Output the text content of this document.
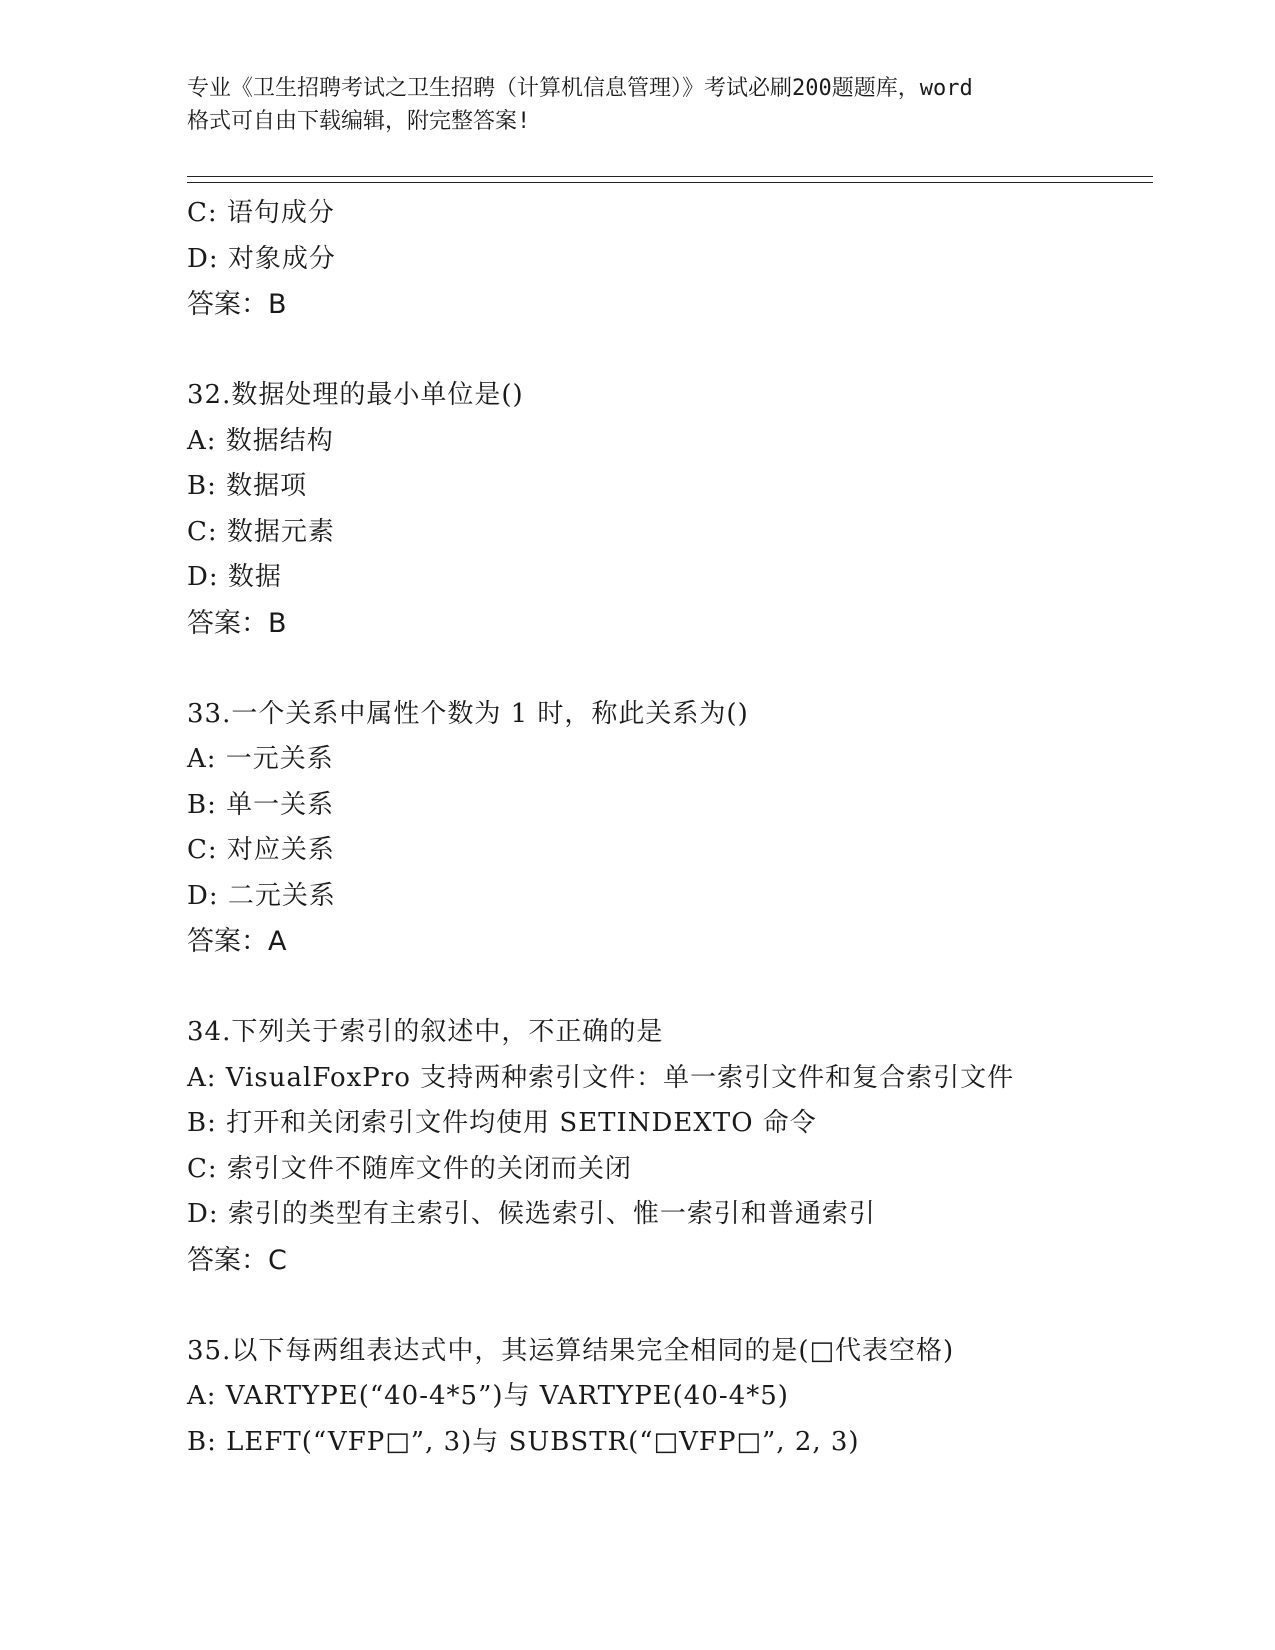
专业《卫生招聘考试之卫生招聘（计算机信息管理）》考试必刷200题题库，word
格式可自由下载编辑，附完整答案!
C: 语句成分
D: 对象成分
答案：B
32.数据处理的最小单位是()
A: 数据结构
B: 数据项
C: 数据元素
D: 数据
答案：B
33.一个关系中属性个数为 1 时，称此关系为()
A: 一元关系
B: 单一关系
C: 对应关系
D: 二元关系
答案：A
34.下列关于索引的叙述中，不正确的是
A: VisualFoxPro 支持两种索引文件：单一索引文件和复合索引文件
B: 打开和关闭索引文件均使用 SETINDEXTO 命令
C: 索引文件不随库文件的关闭而关闭
D: 索引的类型有主索引、候选索引、惟一索引和普通索引
答案：C
35.以下每两组表达式中，其运算结果完全相同的是(□代表空格)
A: VARTYPE(“40-4*5”)与 VARTYPE(40-4*5)
B: LEFT(“VFP□”, 3)与 SUBSTR(“□VFP□”, 2, 3)
